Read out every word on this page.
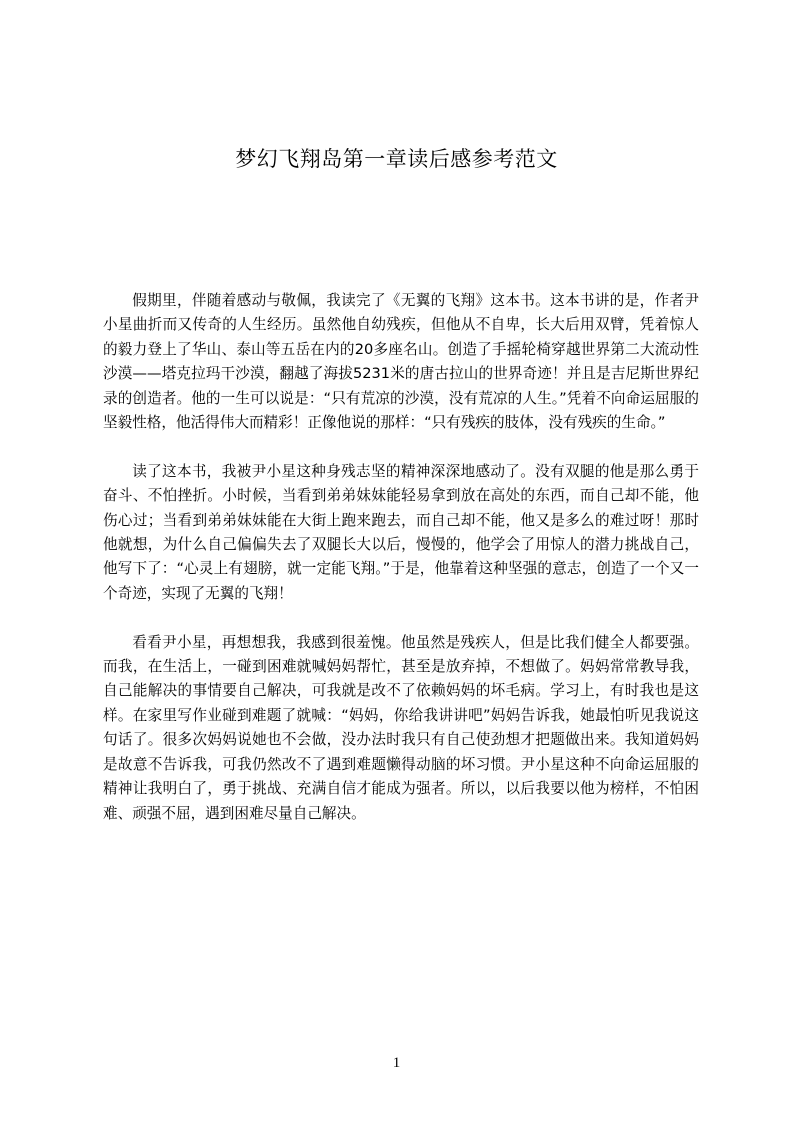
梦幻飞翔岛第一章读后感参考范文

假期里，伴随着感动与敬佩，我读完了《无翼的飞翔》这本书。这本书讲的是，作者尹小星曲折而又传奇的人生经历。虽然他自幼残疾，但他从不自卑，长大后用双臂，凭着惊人的毅力登上了华山、泰山等五岳在内的20多座名山。创造了手摇轮椅穿越世界第二大流动性沙漠——塔克拉玛干沙漠，翻越了海拔5231米的唐古拉山的世界奇迹！并且是吉尼斯世界纪录的创造者。他的一生可以说是：“只有荒凉的沙漠，没有荒凉的人生。”凭着不向命运屈服的坚毅性格，他活得伟大而精彩！正像他说的那样：“只有残疾的肢体，没有残疾的生命。”

读了这本书，我被尹小星这种身残志坚的精神深深地感动了。没有双腿的他是那么勇于奋斗、不怕挫折。小时候，当看到弟弟妹妹能轻易拿到放在高处的东西，而自己却不能，他伤心过；当看到弟弟妹妹能在大街上跑来跑去，而自己却不能，他又是多么的难过呀！那时他就想，为什么自己偏偏失去了双腿长大以后，慢慢的，他学会了用惊人的潜力挑战自己，他写下了：“心灵上有翅膀，就一定能飞翔。”于是，他靠着这种坚强的意志，创造了一个又一个奇迹，实现了无翼的飞翔！

看看尹小星，再想想我，我感到很羞愧。他虽然是残疾人，但是比我们健全人都要强。而我，在生活上，一碰到困难就喊妈妈帮忙，甚至是放弃掉，不想做了。妈妈常常教导我，自己能解决的事情要自己解决，可我就是改不了依赖妈妈的坏毛病。学习上，有时我也是这样。在家里写作业碰到难题了就喊：“妈妈，你给我讲讲吧”妈妈告诉我，她最怕听见我说这句话了。很多次妈妈说她也不会做，没办法时我只有自己使劲想才把题做出来。我知道妈妈是故意不告诉我，可我仍然改不了遇到难题懒得动脑的坏习惯。尹小星这种不向命运屈服的精神让我明白了，勇于挑战、充满自信才能成为强者。所以，以后我要以他为榜样，不怕困难、顽强不屈，遇到困难尽量自己解决。

1
